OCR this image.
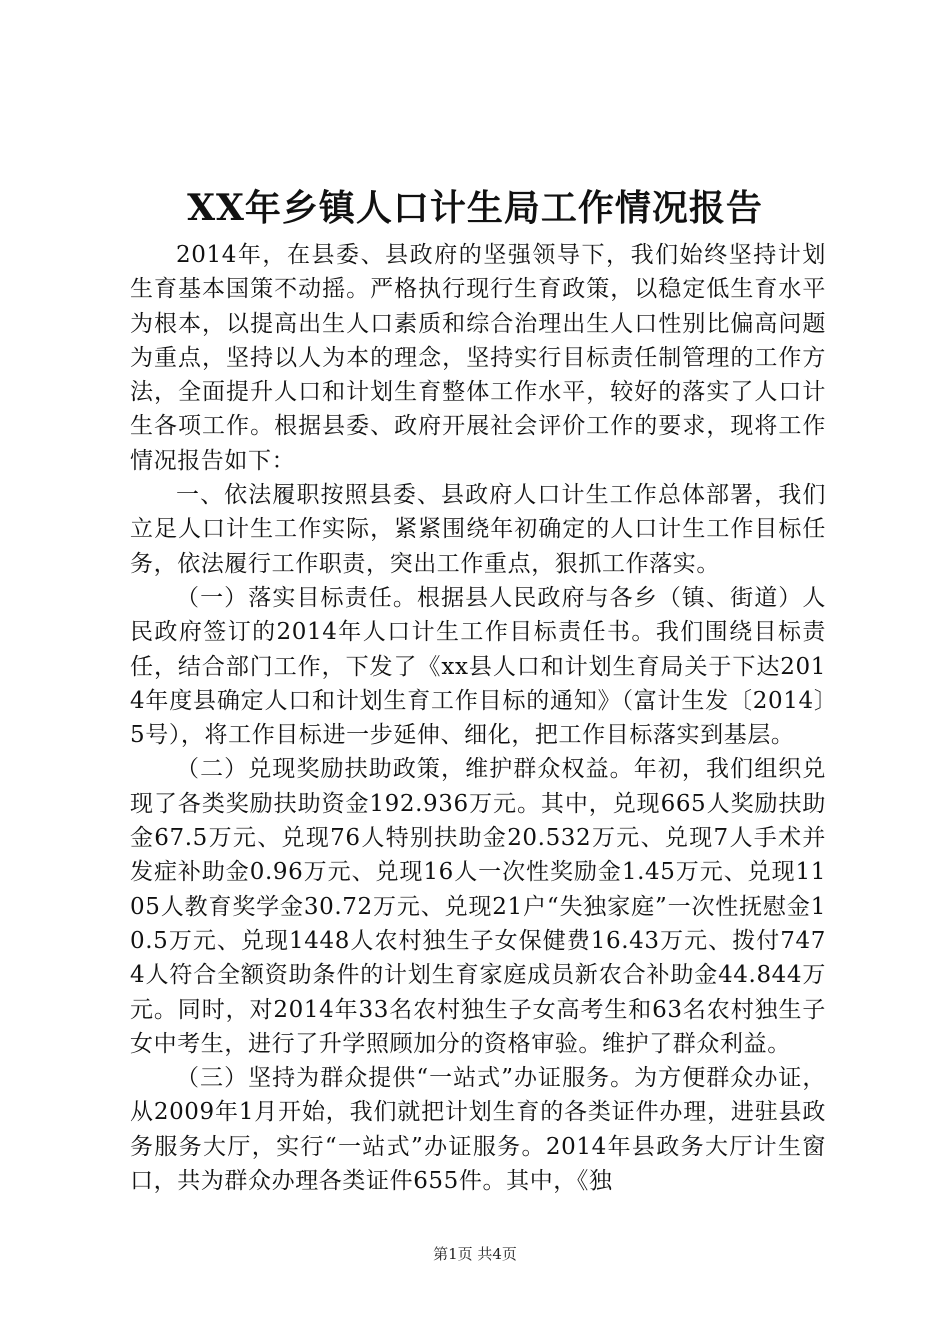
XX年乡镇人口计生局工作情况报告

2014年，在县委、县政府的坚强领导下，我们始终坚持计划生育基本国策不动摇。严格执行现行生育政策，以稳定低生育水平为根本，以提高出生人口素质和综合治理出生人口性别比偏高问题为重点，坚持以人为本的理念，坚持实行目标责任制管理的工作方法，全面提升人口和计划生育整体工作水平，较好的落实了人口计生各项工作。根据县委、政府开展社会评价工作的要求，现将工作情况报告如下：

一、依法履职按照县委、县政府人口计生工作总体部署，我们立足人口计生工作实际，紧紧围绕年初确定的人口计生工作目标任务，依法履行工作职责，突出工作重点，狠抓工作落实。

（一）落实目标责任。根据县人民政府与各乡（镇、街道）人民政府签订的2014年人口计生工作目标责任书。我们围绕目标责任，结合部门工作，下发了《xx县人口和计划生育局关于下达2014年度县确定人口和计划生育工作目标的通知》（富计生发〔2014〕5号），将工作目标进一步延伸、细化，把工作目标落实到基层。

（二）兑现奖励扶助政策，维护群众权益。年初，我们组织兑现了各类奖励扶助资金192.936万元。其中，兑现665人奖励扶助金67.5万元、兑现76人特别扶助金20.532万元、兑现7人手术并发症补助金0.96万元、兑现16人一次性奖励金1.45万元、兑现1105人教育奖学金30.72万元、兑现21户“失独家庭”一次性抚慰金10.5万元、兑现1448人农村独生子女保健费16.43万元、拨付7474人符合全额资助条件的计划生育家庭成员新农合补助金44.844万元。同时，对2014年33名农村独生子女高考生和63名农村独生子女中考生，进行了升学照顾加分的资格审验。维护了群众利益。

（三）坚持为群众提供“一站式”办证服务。为方便群众办证，从2009年1月开始，我们就把计划生育的各类证件办理，进驻县政务服务大厅，实行“一站式”办证服务。2014年县政务大厅计生窗口，共为群众办理各类证件655件。其中，《独

第1页 共4页
